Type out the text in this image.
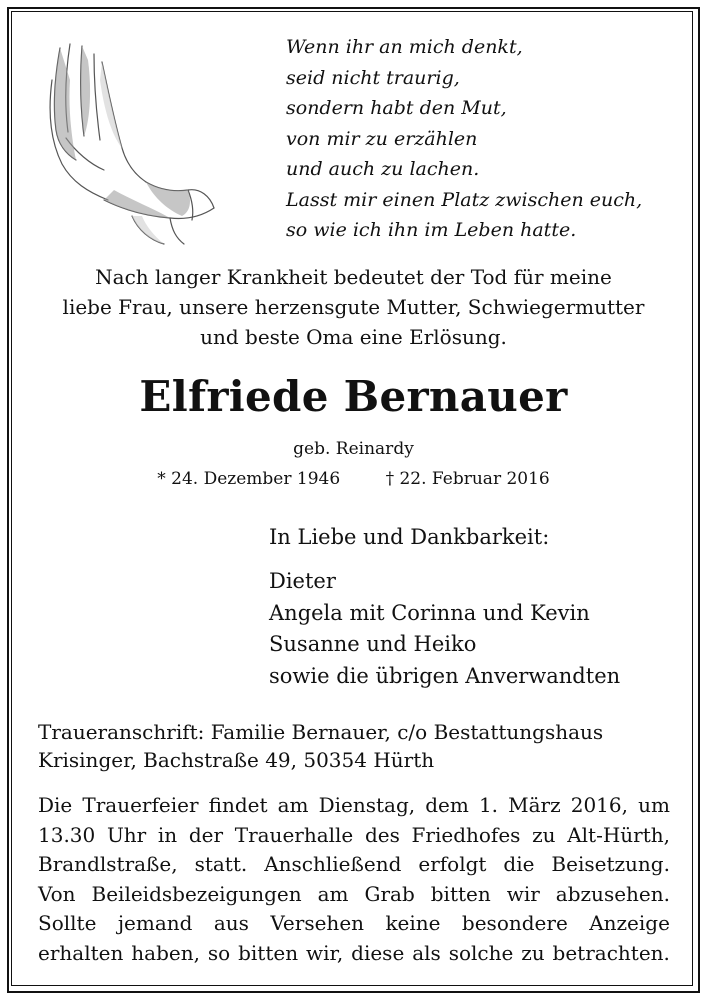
Wenn ihr an mich denkt,
seid nicht traurig,
sondern habt den Mut,
von mir zu erzählen
und auch zu lachen.
Lasst mir einen Platz zwischen euch,
so wie ich ihn im Leben hatte.
Nach langer Krankheit bedeutet der Tod für meine
liebe Frau, unsere herzensgute Mutter, Schwiegermutter
und beste Oma eine Erlösung.
Elfriede Bernauer
geb. Reinardy
* 24. Dezember 1946	† 22. Februar 2016
In Liebe und Dankbarkeit:
Dieter
Angela mit Corinna und Kevin
Susanne und Heiko
sowie die übrigen Anverwandten
Traueranschrift: Familie Bernauer, c/o Bestattungshaus
Krisinger, Bachstraße 49, 50354 Hürth
Die Trauerfeier findet am Dienstag, dem 1. März 2016, um
13.30 Uhr in der Trauerhalle des Friedhofes zu Alt-Hürth,
Brandlstraße, statt. Anschließend erfolgt die Beisetzung.
Von Beileidsbezeigungen am Grab bitten wir abzusehen.
Sollte jemand aus Versehen keine besondere Anzeige
erhalten haben, so bitten wir, diese als solche zu betrachten.
